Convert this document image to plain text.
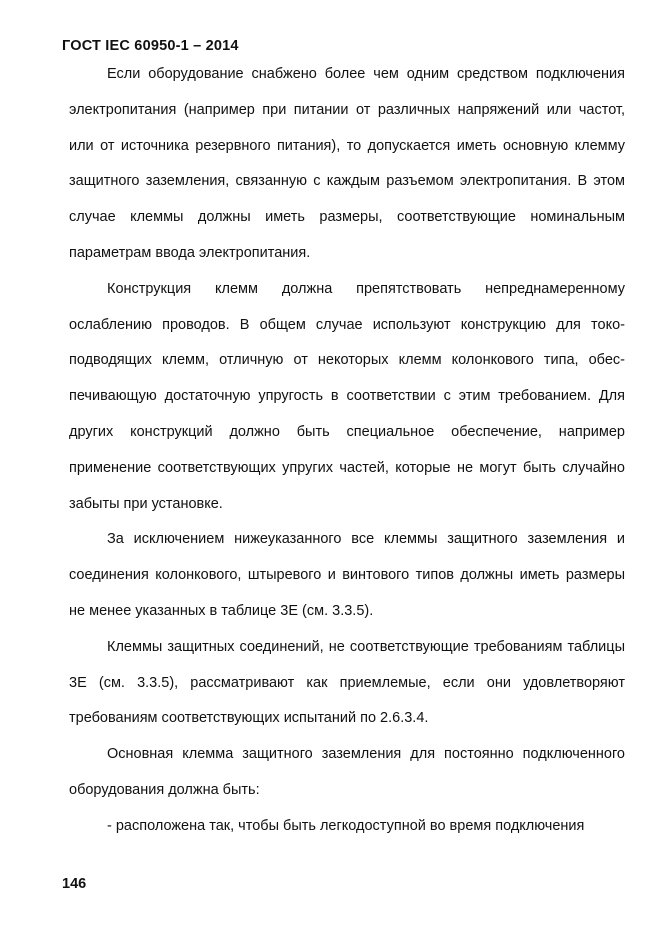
ГОСТ IEC 60950-1 – 2014

Если оборудование снабжено более чем одним средством подключения электропитания (например при питании от различных напряжений или частот, или от источника резервного питания), то допускается иметь основную клемму защитного заземления, связанную с каждым разъемом электропитания. В этом случае клеммы должны иметь размеры, соответствующие номинальным параметрам ввода электропитания.

Конструкция клемм должна препятствовать непреднамеренному ослаблению проводов. В общем случае используют конструкцию для токоподводящих клемм, отличную от некоторых клемм колонкового типа, обеспечивающую достаточную упругость в соответствии с этим требованием. Для других конструкций должно быть специальное обеспечение, например применение соответствующих упругих частей, которые не могут быть случайно забыты при установке.

За исключением нижеуказанного все клеммы защитного заземления и соединения колонкового, штыревого и винтового типов должны иметь размеры не менее указанных в таблице 3Е (см. 3.3.5).

Клеммы защитных соединений, не соответствующие требованиям таблицы 3Е (см. 3.3.5), рассматривают как приемлемые, если они удовлетворяют требованиям соответствующих испытаний по 2.6.3.4.

Основная клемма защитного заземления для постоянно подключенного оборудования должна быть:

- расположена так, чтобы быть легкодоступной во время подключения

146
